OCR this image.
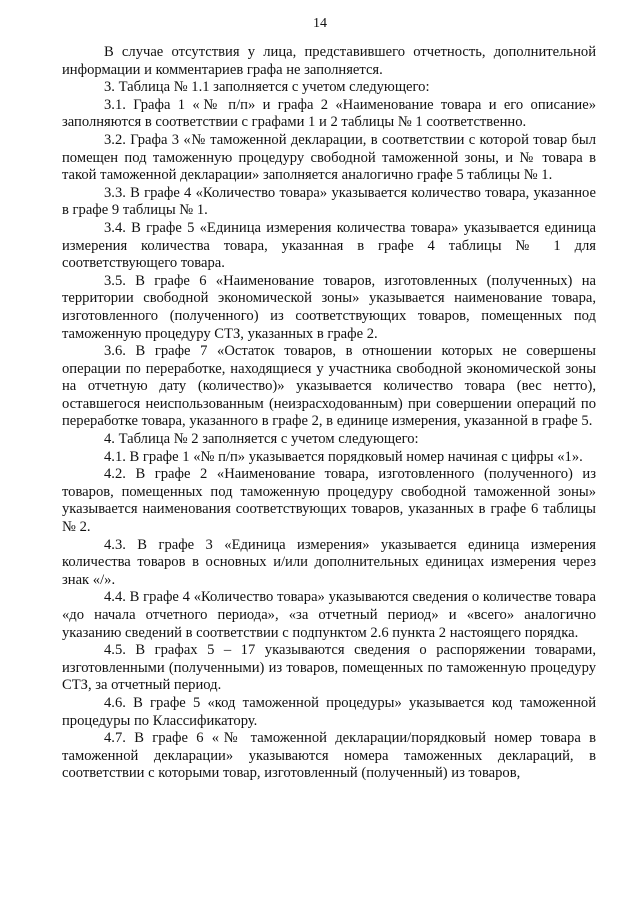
14

В случае отсутствия у лица, представившего отчетность, дополнительной информации и комментариев графа не заполняется.

3. Таблица № 1.1 заполняется с учетом следующего:

3.1. Графа 1 «№ п/п» и графа 2 «Наименование товара и его описание» заполняются в соответствии с графами 1 и 2 таблицы № 1 соответственно.

3.2. Графа 3 «№ таможенной декларации, в соответствии с которой товар был помещен под таможенную процедуру свободной таможенной зоны, и № товара в такой таможенной декларации» заполняется аналогично графе 5 таблицы № 1.

3.3. В графе 4 «Количество товара» указывается количество товара, указанное в графе 9 таблицы № 1.

3.4. В графе 5 «Единица измерения количества товара» указывается единица измерения количества товара, указанная в графе 4 таблицы № 1 для соответствующего товара.

3.5. В графе 6 «Наименование товаров, изготовленных (полученных) на территории свободной экономической зоны» указывается наименование товара, изготовленного (полученного) из соответствующих товаров, помещенных под таможенную процедуру СТЗ, указанных в графе 2.

3.6. В графе 7 «Остаток товаров, в отношении которых не совершены операции по переработке, находящиеся у участника свободной экономической зоны на отчетную дату (количество)» указывается количество товара (вес нетто), оставшегося неиспользованным (неизрасходованным) при совершении операций по переработке товара, указанного в графе 2, в единице измерения, указанной в графе 5.

4. Таблица № 2 заполняется с учетом следующего:

4.1. В графе 1 «№ п/п» указывается порядковый номер начиная с цифры «1».

4.2. В графе 2 «Наименование товара, изготовленного (полученного) из товаров, помещенных под таможенную процедуру свободной таможенной зоны» указывается наименования соответствующих товаров, указанных в графе 6 таблицы № 2.

4.3. В графе 3 «Единица измерения» указывается единица измерения количества товаров в основных и/или дополнительных единицах измерения через знак «/».

4.4. В графе 4 «Количество товара» указываются сведения о количестве товара «до начала отчетного периода», «за отчетный период» и «всего» аналогично указанию сведений в соответствии с подпунктом 2.6 пункта 2 настоящего порядка.

4.5. В графах 5 – 17 указываются сведения о распоряжении товарами, изготовленными (полученными) из товаров, помещенных по таможенную процедуру СТЗ, за отчетный период.

4.6. В графе 5 «код таможенной процедуры» указывается код таможенной процедуры по Классификатору.

4.7. В графе 6 «№ таможенной декларации/порядковый номер товара в таможенной декларации» указываются номера таможенных деклараций, в соответствии с которыми товар, изготовленный (полученный) из товаров,
